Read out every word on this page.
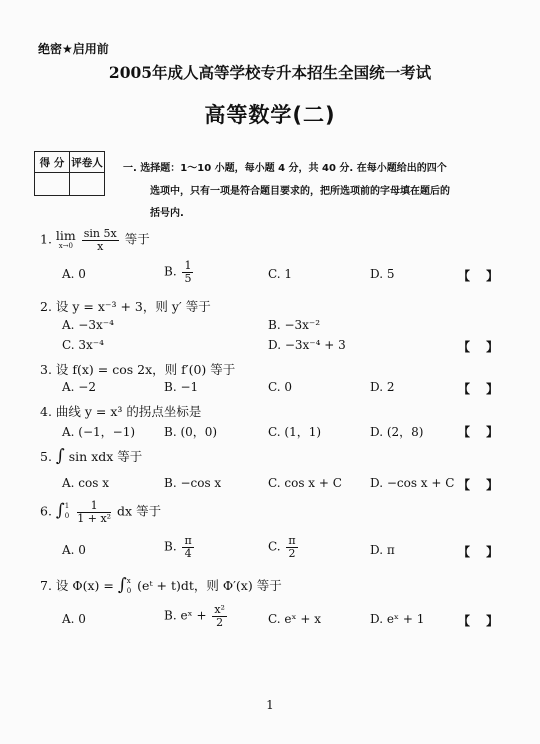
绝密★启用前
2005年成人高等学校专升本招生全国统一考试
高等数学(二)
得 分	评卷人
	一. 选择题：1～10 小题，每小题 4 分，共 40 分. 在每小题给出的四个
选项中，只有一项是符合题目要求的，把所选项前的字母填在题后的
括号内.
1. lim
x→0
$\frac{\sin 5x}{x}$ 等于
A. 0	B. $\frac{1}{5}$	C. 1	D. 5	【　 】
2. 设 y = x⁻³ + 3，则 y′ 等于
A. −3x⁻⁴	B. −3x⁻²
C. 3x⁻⁴	D. −3x⁻⁴ + 3	【　 】
3. 设 f(x) = cos 2x，则 f′(0) 等于
A. −2	B. −1	C. 0	D. 2	【　 】
4. 曲线 y = x³ 的拐点坐标是
A. (−1，−1) B. (0，0)	C. (1，1)	D. (2，8)	【　 】
5. ∫ sin xdx 等于
A. cos x	B. −cos x	C. cos x + C D. −cos x + C 【　 】
6. ∫ 1
0
$\frac{1}{\text{1 + x²}}$ dx 等于
A. 0	B. $\frac{\pi}{4}$	C. $\frac{\pi}{2}$	D. π	【　 】
7. 设 Φ(x) = ∫ x
0 (eᵗ + t)dt，则 Φ′(x) 等于
A. 0	B. eˣ + $\frac{\text{x²}}{2}$	C. eˣ + x	D. eˣ + 1	【　 】
1
